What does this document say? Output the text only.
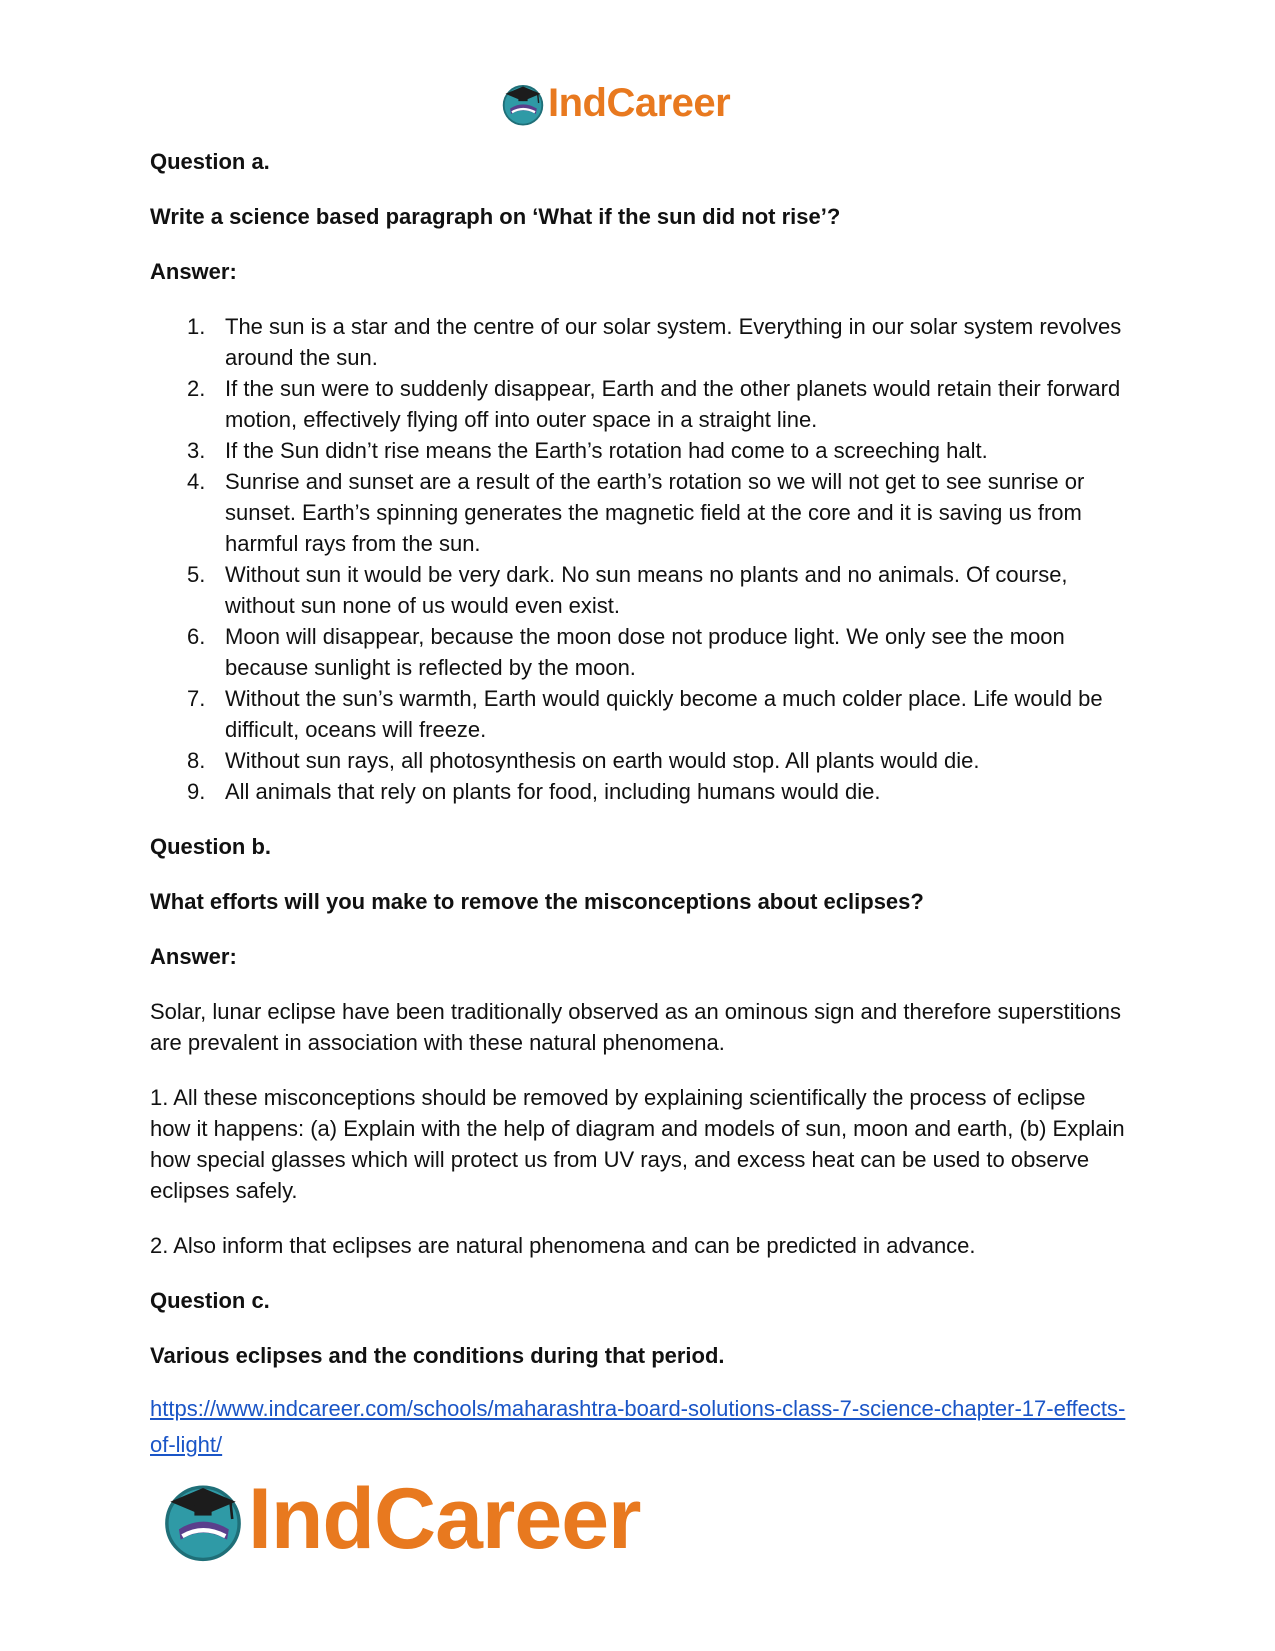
IndCareer

Question a.

Write a science based paragraph on ‘What if the sun did not rise’?

Answer:

1. The sun is a star and the centre of our solar system. Everything in our solar system revolves around the sun.
2. If the sun were to suddenly disappear, Earth and the other planets would retain their forward motion, effectively flying off into outer space in a straight line.
3. If the Sun didn’t rise means the Earth’s rotation had come to a screeching halt.
4. Sunrise and sunset are a result of the earth’s rotation so we will not get to see sunrise or sunset. Earth’s spinning generates the magnetic field at the core and it is saving us from harmful rays from the sun.
5. Without sun it would be very dark. No sun means no plants and no animals. Of course, without sun none of us would even exist.
6. Moon will disappear, because the moon dose not produce light. We only see the moon because sunlight is reflected by the moon.
7. Without the sun’s warmth, Earth would quickly become a much colder place. Life would be difficult, oceans will freeze.
8. Without sun rays, all photosynthesis on earth would stop. All plants would die.
9. All animals that rely on plants for food, including humans would die.

Question b.

What efforts will you make to remove the misconceptions about eclipses?

Answer:

Solar, lunar eclipse have been traditionally observed as an ominous sign and therefore superstitions are prevalent in association with these natural phenomena.

1. All these misconceptions should be removed by explaining scientifically the process of eclipse how it happens: (a) Explain with the help of diagram and models of sun, moon and earth, (b) Explain how special glasses which will protect us from UV rays, and excess heat can be used to observe eclipses safely.

2. Also inform that eclipses are natural phenomena and can be predicted in advance.

Question c.

Various eclipses and the conditions during that period.

https://www.indcareer.com/schools/maharashtra-board-solutions-class-7-science-chapter-17-effects-of-light/

IndCareer
